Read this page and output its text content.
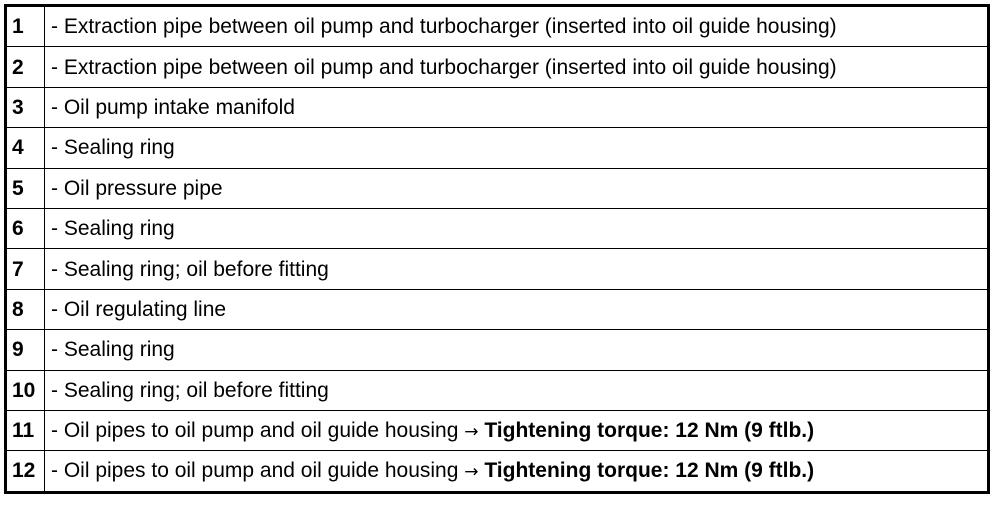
1	- Extraction pipe between oil pump and turbocharger (inserted into oil guide housing)
2	- Extraction pipe between oil pump and turbocharger (inserted into oil guide housing)
3	- Oil pump intake manifold
4	- Sealing ring
5	- Oil pressure pipe
6	- Sealing ring
7	- Sealing ring; oil before fitting
8	- Oil regulating line
9	- Sealing ring
10	- Sealing ring; oil before fitting
11	- Oil pipes to oil pump and oil guide housing → Tightening torque: 12 Nm (9 ftlb.)
12	- Oil pipes to oil pump and oil guide housing → Tightening torque: 12 Nm (9 ftlb.)
